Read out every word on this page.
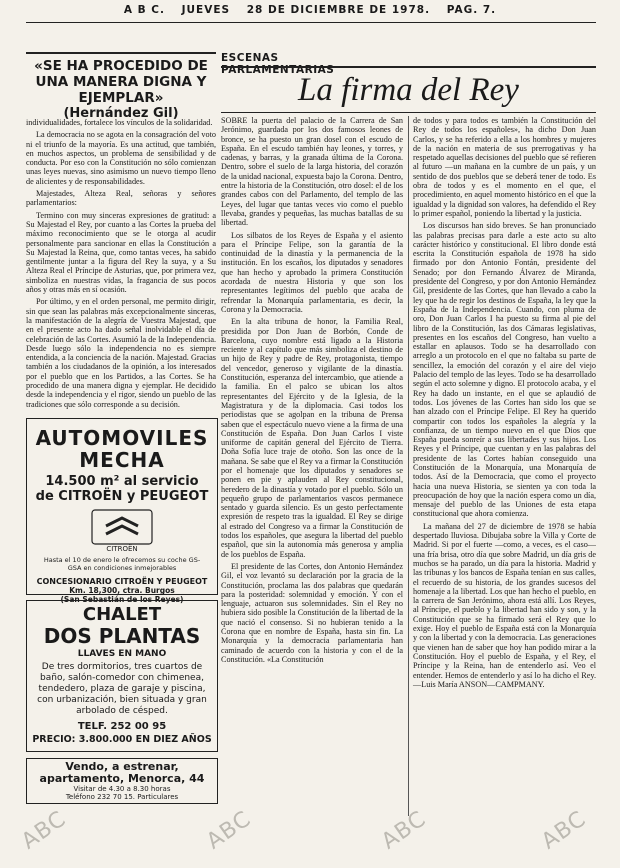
A B C. JUEVES 28 DE DICIEMBRE DE 1978. PAG. 7.
«SE HA PROCEDIDO DE UNA MANERA DIGNA Y EJEMPLAR»
(Hernández Gil)

individualidades, fortalece los vínculos de la solidaridad.

La democracia no se agota en la consagración del voto ni el triunfo de la mayoría. Es una actitud, que también, en muchos aspectos, un problema de sensibilidad y de conducta. Por eso con la Constitución no sólo comienzan unas leyes nuevas, sino asimismo un nuevo tiempo lleno de alicientes y de responsabilidades.

Majestades, Alteza Real, señoras y señores parlamentarios:

Termino con muy sinceras expresiones de gratitud: a Su Majestad el Rey, por cuanto a las Cortes la prueba del máximo reconocimiento que se le otorga al acudir personalmente para sancionar en ellas la Constitución a Su Majestad la Reina, que, como tantas veces, ha sabido gentilmente juntar a la figura del Rey la suya, y a Su Alteza Real el Príncipe de Asturias, que, por primera vez, simboliza en nuestras vidas, la fragancia de sus pocos años y otras más en sí ocasión.

Por último, y en el orden personal, me permito dirigir, sin que sean las palabras más excepcionalmente sinceras, la manifestación de la alegría de Vuestra Majestad, que en el presente acto ha dado señal inolvidable el día de celebración de las Cortes. Asumió la de la Independencia. Desde luego sólo la independencia no es siempre entendida, a la conciencia de la nación. Majestad. Gracias también a los ciudadanos de la opinión, a los interesados por el pueblo que en los Partidos, a las Cortes. Se ha procedido de una manera digna y ejemplar. He decidido desde la independencia y el rigor, siendo un pueblo de las tradiciones que sólo corresponde a su decisión.

AUTOMOVILES MECHA
14.500 m² al servicio
de CITROËN y PEUGEOT
CITROËN
Hasta el 10 de enero le ofrecemos su coche GS-GSA en condiciones inmejorables
CONCESIONARIO CITROËN Y PEUGEOT
Km. 18,300, ctra. Burgos
(San Sebastián de los Reyes)
CHALET
DOS PLANTAS
LLAVES EN MANO
De tres dormitorios, tres cuartos de baño, salón-comedor con chimenea, tendedero, plaza de garaje y piscina, con urbanización, bien situada y gran arbolado de césped.
TELF. 252 00 95
PRECIO: 3.800.000 EN DIEZ AÑOS
Vendo, a estrenar,
apartamento, Menorca, 44
Visitar de 4.30 a 8.30 horas
Teléfono 232 70 15. Particulares
ESCENAS PARLAMENTARIAS
La firma del Rey

SOBRE la puerta del palacio de la Carrera de San Jerónimo, guardada por los dos famosos leones de bronce, se ha puesto un gran dosel con el escudo de España. En el escudo también hay leones, y torres, y cadenas, y barras, y la granada última de la Corona. Dentro, sobre el suelo de la larga historia, del corazón de la unidad nacional, expuesta bajo la Corona. Dentro, entre la historia de la Constitución, otro dosel: el de los grandes cabos con del Parlamento, del templo de las Leyes, del lugar que tantas veces vio como el pueblo llevaba, grandes y pequeñas, las muchas batallas de su libertad.

Los silbatos de los Reyes de España y el asiento para el Príncipe Felipe, son la garantía de la continuidad de la dinastía y la permanencia de la institución. En los escaños, los diputados y senadores que han hecho y aprobado la primera Constitución acordada de nuestra Historia y que son los representantes legítimos del pueblo que acaba de refrendar la Monarquía parlamentaria, es decir, la Corona y la Democracia.

En la alta tribuna de honor, la Familia Real, presidida por Don Juan de Borbón, Conde de Barcelona, cuyo nombre está ligado a la Historia reciente y al capítulo que más simboliza el destino de un hijo de Rey y padre de Rey, protagonista, tiempo del vencedor, generoso y vigilante de la dinastía. Constitución, esperanza del intercambio, que atiende a la familia. En el palco se ubican los altos representantes del Ejército y de la Iglesia, de la Magistratura y de la diplomacia. Casi todos los periodistas que se agolpan en la tribuna de Prensa saben que el espectáculo nuevo viene a la firma de una Constitución de España. Don Juan Carlos I viste uniforme de capitán general del Ejército de Tierra. Doña Sofía luce traje de otoño. Son las once de la mañana. Se sabe que el Rey va a firmar la Constitución por el homenaje que los diputados y senadores se ponen en pie y aplauden al Rey constitucional, heredero de la dinastía y votado por el pueblo. Sólo un pequeño grupo de parlamentarios vascos permanece sentado y guarda silencio. Es un gesto perfectamente expresión de respeto tras la igualdad. El Rey se dirige al estrado del Congreso va a firmar la Constitución de todos los españoles, que asegura la libertad del pueblo español, que sin la autonomía más generosa y amplia de los pueblos de España.

El presidente de las Cortes, don Antonio Hernández Gil, el voz levantó su declaración por la gracia de la Constitución, proclama las dos palabras que quedarán para la posteridad: solemnidad y emoción. Y con el lenguaje, actuaron sus solemnidades. Sin el Rey no hubiera sido posible la Constitución de la libertad de la que nació el consenso. Si no hubieran tenido a la Corona que en nombre de España, hasta sin fin. La Monarquía y la democracia parlamentaria han caminado de acuerdo con la historia y con el de la Constitución. «La Constitución

de todos y para todos es también la Constitución del Rey de todos los españoles», ha dicho Don Juan Carlos, y se ha referido a ella a los hombres y mujeres de la nación en materia de sus prerrogativas y ha respetado aquellas decisiones del pueblo que sé refieren al futuro —un mañana en la cumbre de un país, y un sentido de dos pueblos que se deberá tener de todo. Es obra de todos y es el momento en el que, el procedimiento, en aquel momento histórico en el que la igualdad y la dignidad son valores, ha defendido el Rey lo primer español, poniendo la libertad y la justicia.

Los discursos han sido breves. Se han pronunciado las palabras precisas para darle a este acto su alto carácter histórico y constitucional. El libro donde está escrita la Constitución española de 1978 ha sido firmado por don Antonio Fontán, presidente del Senado; por don Fernando Álvarez de Miranda, presidente del Congreso, y por don Antonio Hernández Gil, presidente de las Cortes, que han llevado a cabo la ley que ha de regir los destinos de España, la ley que la España de la Independencia. Cuando, con pluma de oro, Don Juan Carlos I ha puesto su firma al pie del libro de la Constitución, las dos Cámaras legislativas, presentes en los escaños del Congreso, han vuelto a estallar en aplausos. Todo se ha desarrollado con arreglo a un protocolo en el que no faltaba su parte de sencillez, la emoción del corazón y el aire del viejo Palacio del templo de las leyes. Todo se ha desarrollado según el acto solemne y digno. El protocolo acaba, y el Rey ha dado un instante, en el que se aplaudió de todos. Los jóvenes de las Cortes han sido los que se han alzado con el Príncipe Felipe. El Rey ha querido compartir con todos los españoles la alegría y la confianza, de un tiempo nuevo en el que Dios que España pueda sonreír a sus libertades y sus hijos. Los Reyes y el Príncipe, que cuentan y en las palabras del presidente de las Cortes habían conseguido una Constitución de la Monarquía, una Monarquía de todos. Así de la Democracia, que como el proyecto hacia una nueva Historia, se sienten ya con toda la preocupación de hoy que la nación espera como un día, mensaje del pueblo de las Uniones de esta etapa constitucional que ahora comienza.

La mañana del 27 de diciembre de 1978 se había despertado lluviosa. Dibujaba sobre la Villa y Corte de Madrid. Si por el fuerte —como, a veces, es el caso— una fría brisa, otro día que sobre Madrid, un día gris de muchos se ha parado, un día para la historia. Madrid y las tribunas y los bancos de España tenían en sus calles, el recuerdo de su historia, de los grandes sucesos del homenaje a la libertad. Los que han hecho el pueblo, en la carrera de San Jerónimo, ahora está allí. Los Reyes, al Príncipe, el pueblo y la libertad han sido y son, y la Constitución que se ha firmado será el Rey que lo exige. Hoy el pueblo de España está con la Monarquía y con la libertad y con la democracia. Las generaciones que vienen han de saber que hoy han podido mirar a la Constitución. Hoy el pueblo de España, y el Rey, el Príncipe y la Reina, han de entenderlo así. Veo el entender. Hemos de entenderlo y así lo ha dicho el Rey.—Luis María ANSON—CAMPMANY.

ABC	ABC	ABC	ABC
